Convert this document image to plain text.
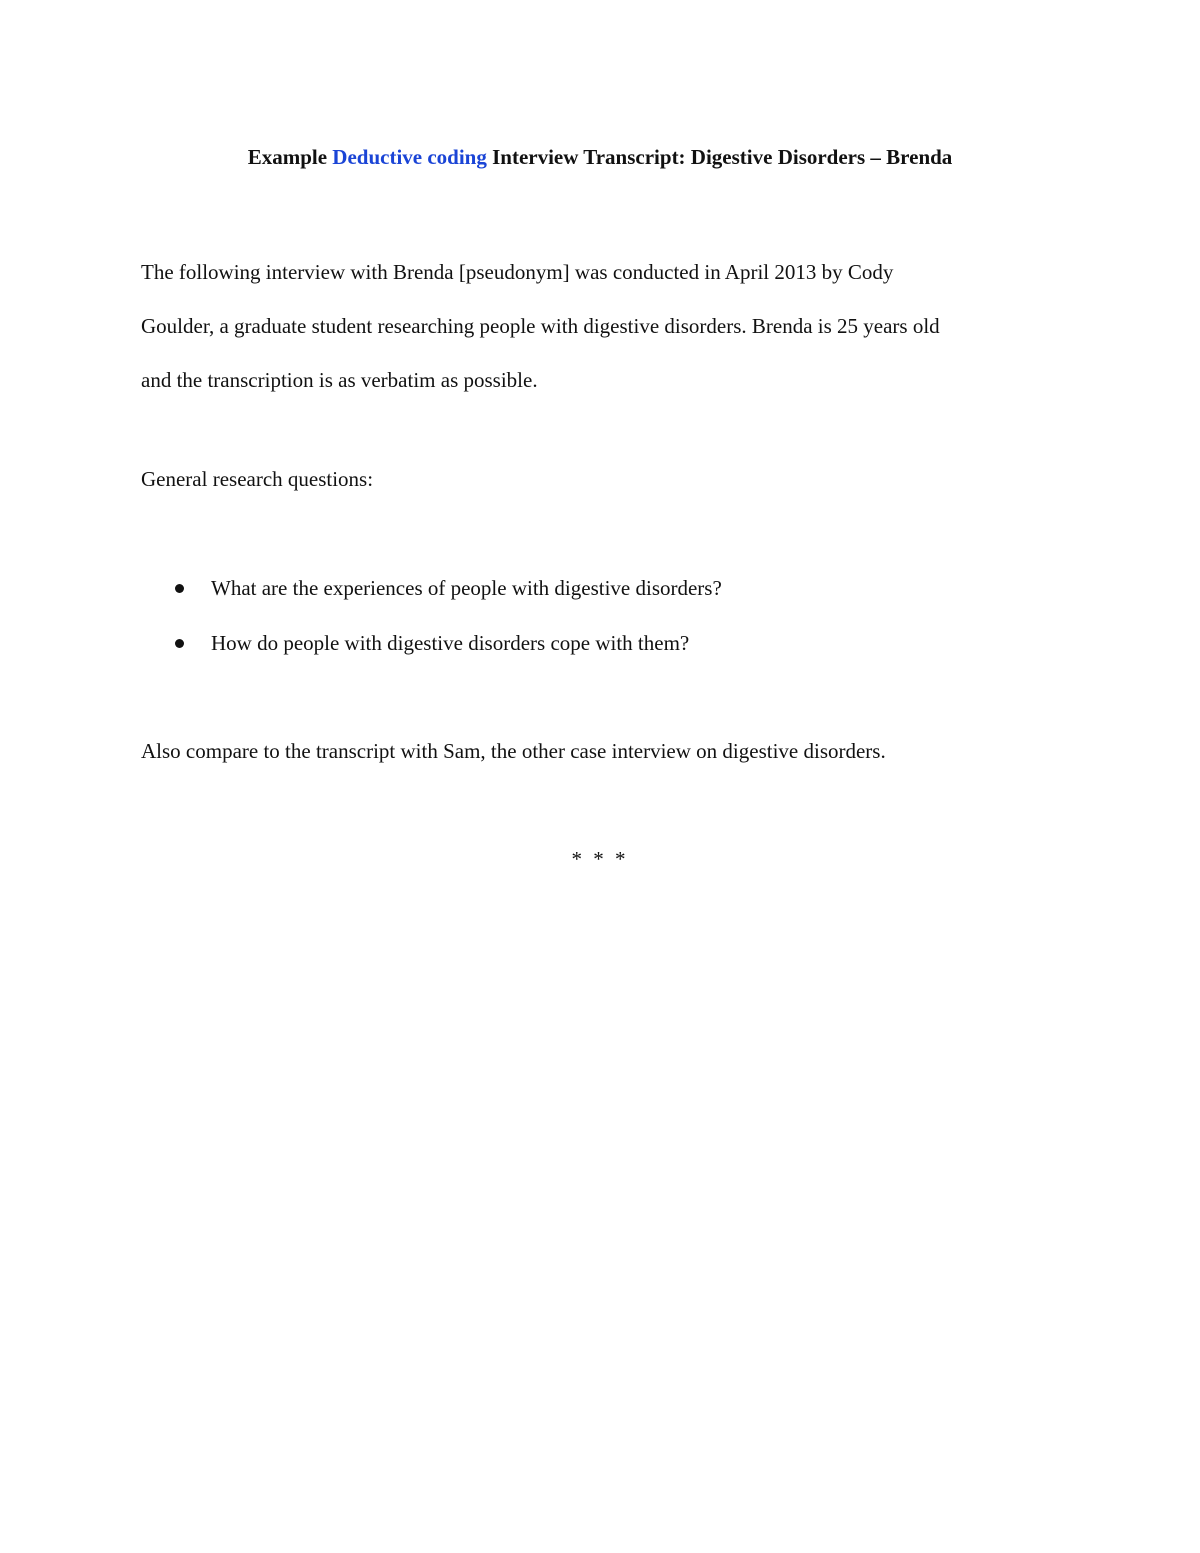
Example Deductive coding Interview Transcript: Digestive Disorders – Brenda
The following interview with Brenda [pseudonym] was conducted in April 2013 by Cody
Goulder, a graduate student researching people with digestive disorders. Brenda is 25 years old
and the transcription is as verbatim as possible.
General research questions:
What are the experiences of people with digestive disorders?
How do people with digestive disorders cope with them?
Also compare to the transcript with Sam, the other case interview on digestive disorders.
* * *
